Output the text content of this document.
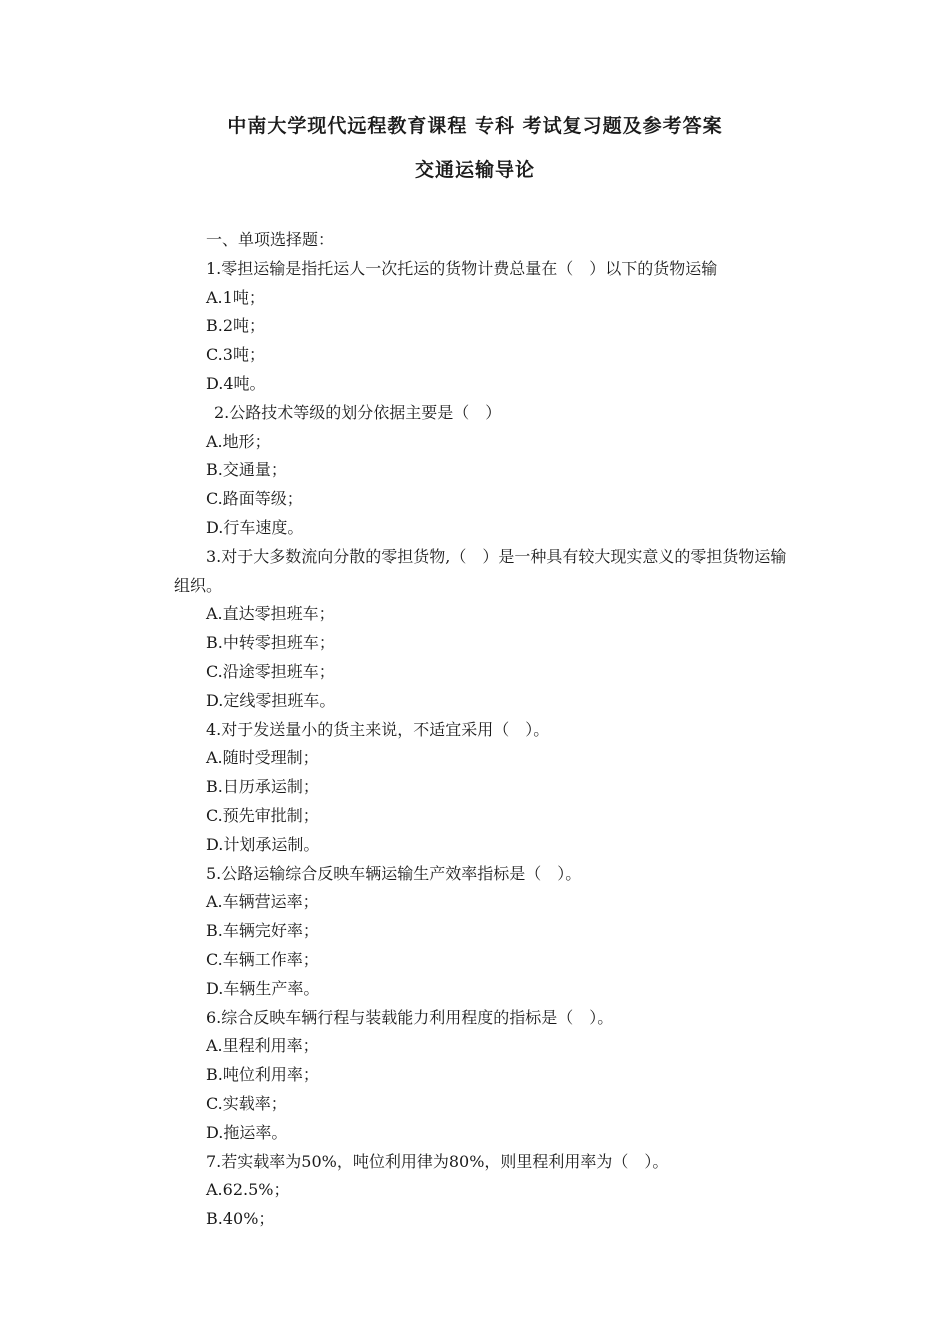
中南大学现代远程教育课程 专科 考试复习题及参考答案
交通运输导论
一、单项选择题：
1.零担运输是指托运人一次托运的货物计费总量在（　）以下的货物运输
A.1吨；
B.2吨；
C.3吨；
D.4吨。
2.公路技术等级的划分依据主要是（　）
A.地形；
B.交通量；
C.路面等级；
D.行车速度。
3.对于大多数流向分散的零担货物,（　）是一种具有较大现实意义的零担货物运输
组织。
A.直达零担班车；
B.中转零担班车；
C.沿途零担班车；
D.定线零担班车。
4.对于发送量小的货主来说，不适宜采用（　）。
A.随时受理制；
B.日历承运制；
C.预先审批制；
D.计划承运制。
5.公路运输综合反映车辆运输生产效率指标是（　）。
A.车辆营运率；
B.车辆完好率；
C.车辆工作率；
D.车辆生产率。
6.综合反映车辆行程与装载能力利用程度的指标是（　）。
A.里程利用率；
B.吨位利用率；
C.实载率；
D.拖运率。
7.若实载率为50%，吨位利用律为80%，则里程利用率为（　）。
A.62.5%；
B.40%；
